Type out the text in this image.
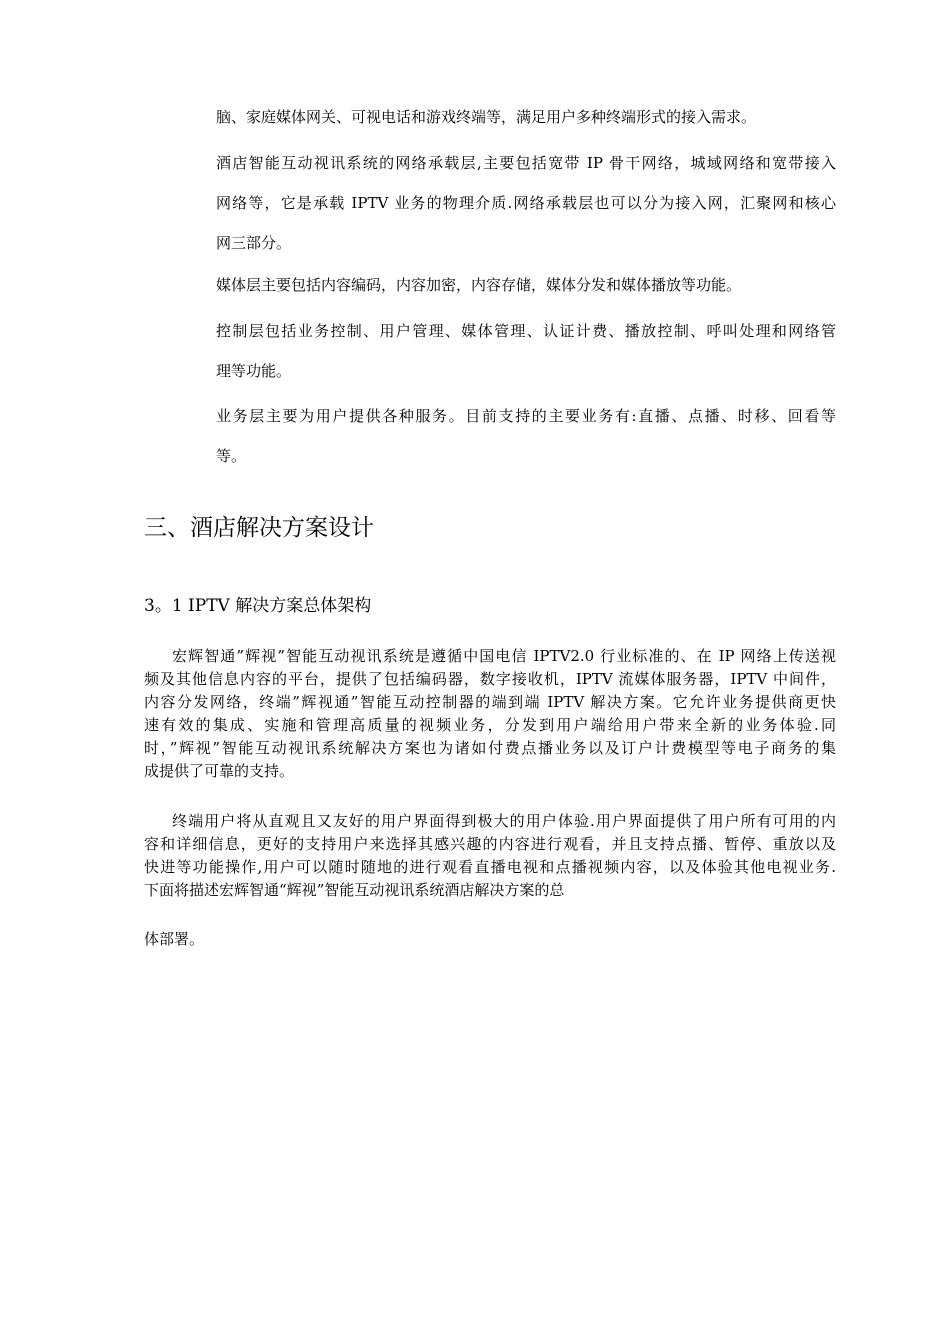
脑、家庭媒体网关、可视电话和游戏终端等，满足用户多种终端形式的接入需求。
酒店智能互动视讯系统的网络承载层,主要包括宽带 IP 骨干网络，城域网络和宽带接入
网络等，它是承载 IPTV 业务的物理介质.网络承载层也可以分为接入网，汇聚网和核心
网三部分。
媒体层主要包括内容编码，内容加密，内容存储，媒体分发和媒体播放等功能。
控制层包括业务控制、用户管理、媒体管理、认证计费、播放控制、呼叫处理和网络管
理等功能。
业务层主要为用户提供各种服务。目前支持的主要业务有:直播、点播、时移、回看等
等。
三、酒店解决方案设计
3。1 IPTV 解决方案总体架构
宏辉智通”辉视”智能互动视讯系统是遵循中国电信 IPTV2.0 行业标准的、在 IP 网络上传送视
频及其他信息内容的平台，提供了包括编码器，数字接收机，IPTV 流媒体服务器，IPTV 中间件，
内容分发网络，终端”辉视通”智能互动控制器的端到端 IPTV 解决方案。它允许业务提供商更快
速有效的集成、实施和管理高质量的视频业务，分发到用户端给用户带来全新的业务体验.同
时，”辉视”智能互动视讯系统解决方案也为诸如付费点播业务以及订户计费模型等电子商务的集
成提供了可靠的支持。
终端用户将从直观且又友好的用户界面得到极大的用户体验.用户界面提供了用户所有可用的内
容和详细信息，更好的支持用户来选择其感兴趣的内容进行观看，并且支持点播、暂停、重放以及
快进等功能操作,用户可以随时随地的进行观看直播电视和点播视频内容，以及体验其他电视业务.
下面将描述宏辉智通“辉视”智能互动视讯系统酒店解决方案的总
体部署。
